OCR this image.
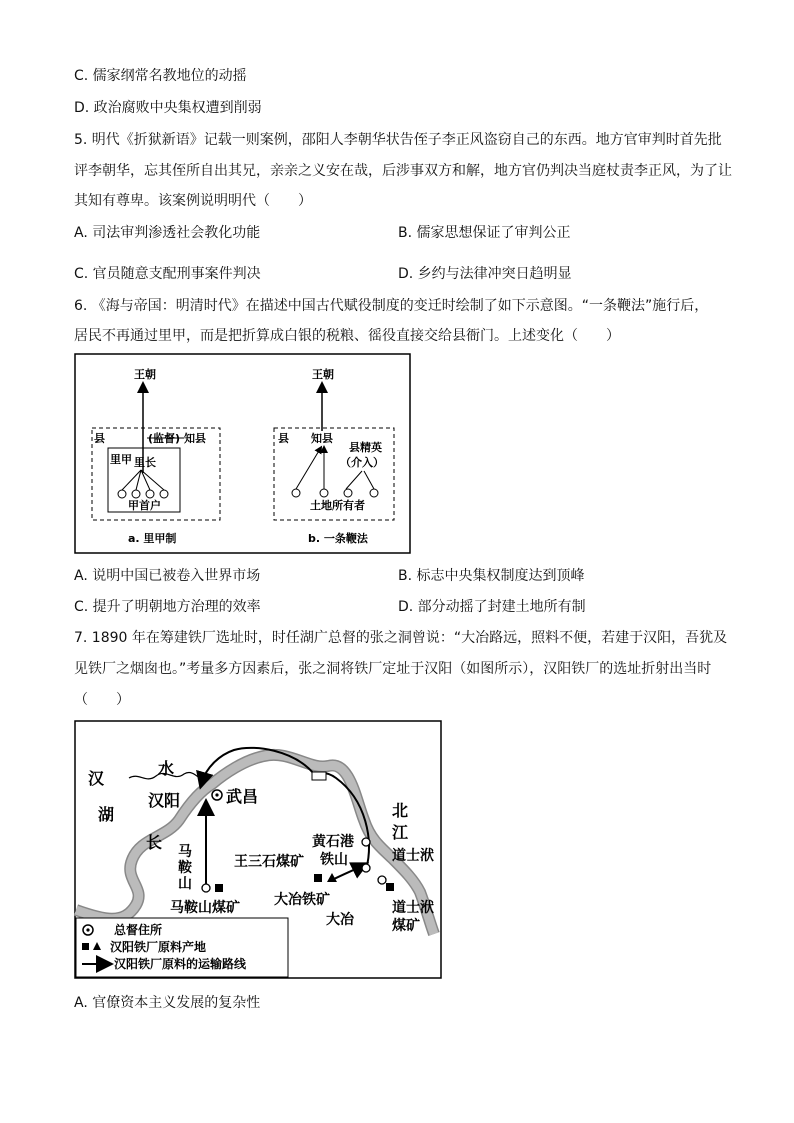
C. 儒家纲常名教地位的动摇
D. 政治腐败中央集权遭到削弱
5. 明代《折狱新语》记载一则案例，邵阳人李朝华状告侄子李正风盗窃自己的东西。地方官审判时首先批
评李朝华，忘其侄所自出其兄，亲亲之义安在哉，后涉事双方和解，地方官仍判决当庭杖责李正风，为了让
其知有尊卑。该案例说明明代（　　）
A. 司法审判渗透社会教化功能	B. 儒家思想保证了审判公正
C. 官员随意支配刑事案件判决	D. 乡约与法律冲突日趋明显
6. 《海与帝国：明清时代》在描述中国古代赋役制度的变迁时绘制了如下示意图。“一条鞭法”施行后，
居民不再通过里甲，而是把折算成白银的税粮、徭役直接交给县衙门。上述变化（　　）
王朝
县	(监督) 知县
里甲 里长
甲首户
a. 里甲制
王朝
县 知县
县精英
（介入）
土地所有者
b. 一条鞭法
A. 说明中国已被卷入世界市场	B. 标志中央集权制度达到顶峰
C. 提升了明朝地方治理的效率	D. 部分动摇了封建土地所有制
7. 1890 年在筹建铁厂选址时，时任湖广总督的张之洞曾说：“大冶路远，照料不便，若建于汉阳，吾犹及
见铁厂之烟囱也。”考量多方因素后，张之洞将铁厂定址于汉阳（如图所示），汉阳铁厂的选址折射出当时
（　　）
汉
水
湖
汉阳	武昌
长
北
江
黄石港
铁山	道士洑
王三石煤矿
马
鞍
山
马鞍山煤矿 大冶铁矿
大冶
道士洑
煤矿
总督住所
汉阳铁厂原料产地
汉阳铁厂原料的运输路线
A. 官僚资本主义发展的复杂性
